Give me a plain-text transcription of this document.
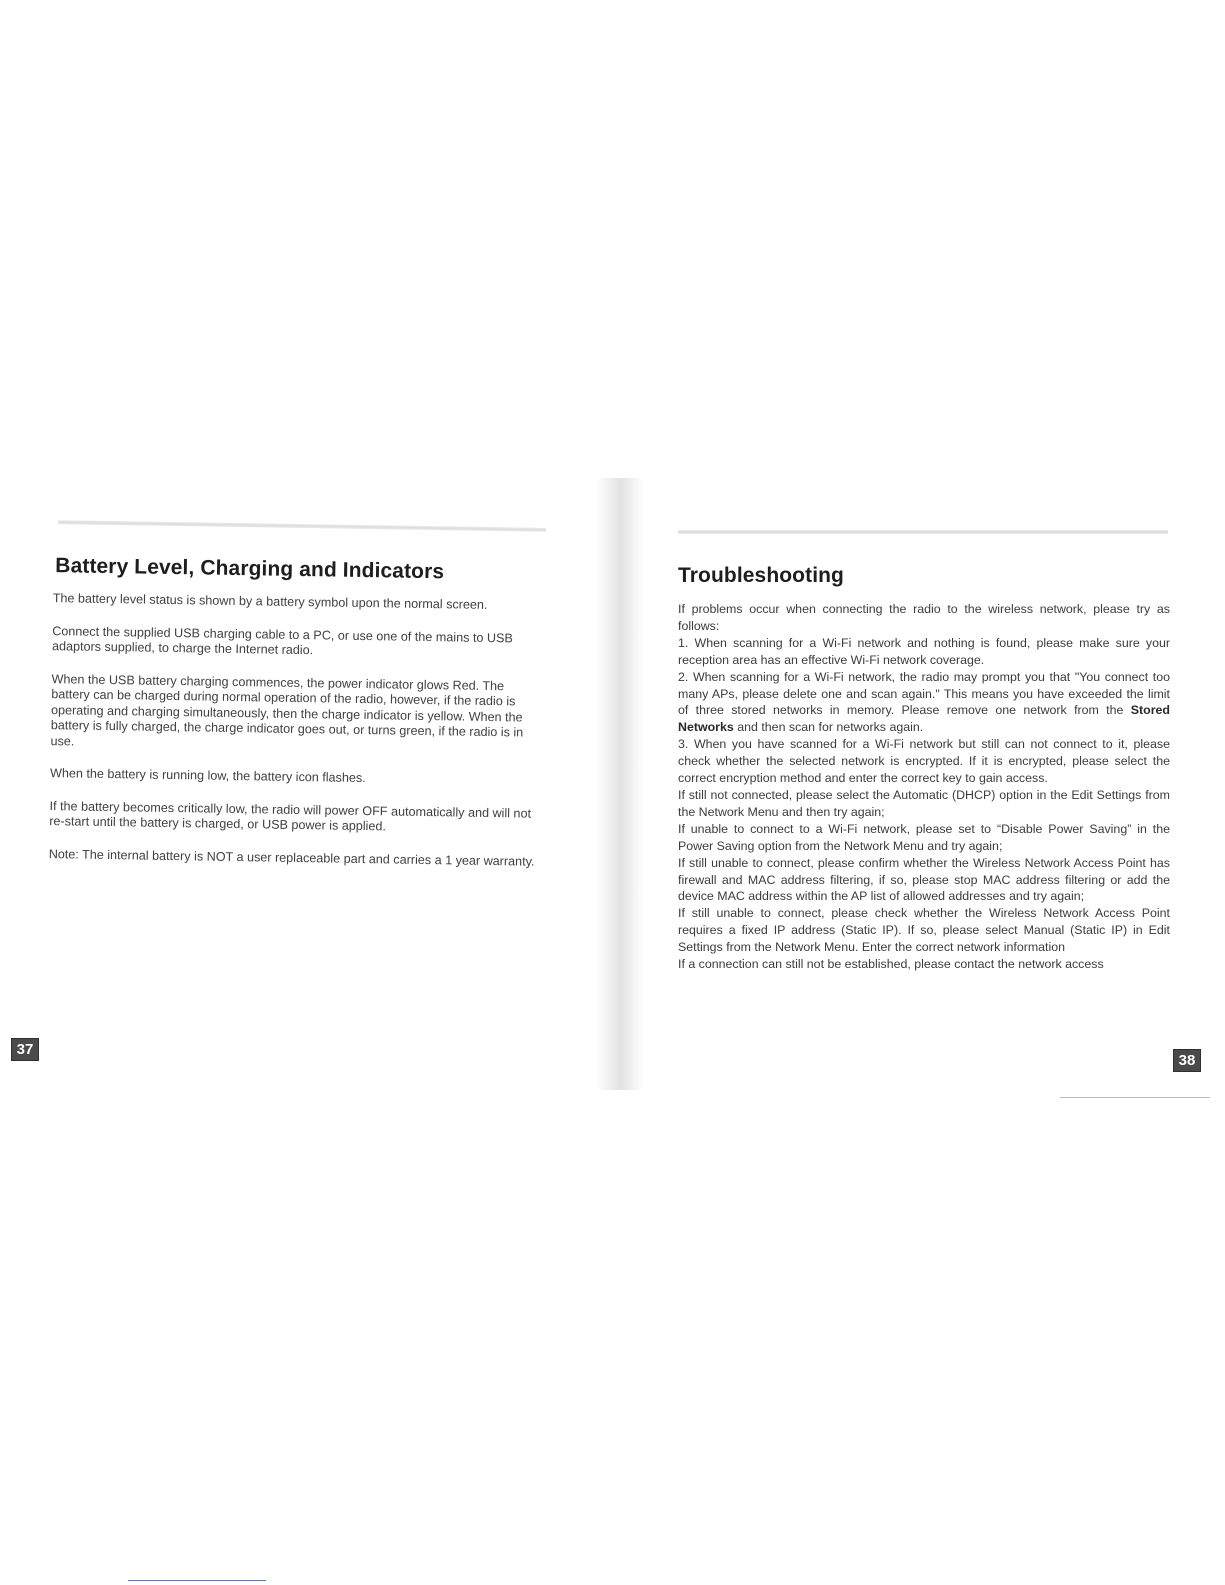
Battery Level, Charging and Indicators

The battery level status is shown by a battery symbol upon the normal screen.

Connect the supplied USB charging cable to a PC, or use one of the mains to USB adaptors supplied, to charge the Internet radio.

When the USB battery charging commences, the power indicator glows Red. The battery can be charged during normal operation of the radio, however, if the radio is operating and charging simultaneously, then the charge indicator is yellow. When the battery is fully charged, the charge indicator goes out, or turns green, if the radio is in use.

When the battery is running low, the battery icon flashes.

If the battery becomes critically low, the radio will power OFF automatically and will not re-start until the battery is charged, or USB power is applied.

Note: The internal battery is NOT a user replaceable part and carries a 1 year warranty.

37
Troubleshooting

If problems occur when connecting the radio to the wireless network, please try as follows:

1. When scanning for a Wi-Fi network and nothing is found, please make sure your reception area has an effective Wi-Fi network coverage.

2. When scanning for a Wi-Fi network, the radio may prompt you that "You connect too many APs, please delete one and scan again." This means you have exceeded the limit of three stored networks in memory. Please remove one network from the Stored Networks and then scan for networks again.

3. When you have scanned for a Wi-Fi network but still can not connect to it, please check whether the selected network is encrypted. If it is encrypted, please select the correct encryption method and enter the correct key to gain access.

If still not connected, please select the Automatic (DHCP) option in the Edit Settings from the Network Menu and then try again;

If unable to connect to a Wi-Fi network, please set to “Disable Power Saving” in the Power Saving option from the Network Menu and try again;

If still unable to connect, please confirm whether the Wireless Network Access Point has firewall and MAC address filtering, if so, please stop MAC address filtering or add the device MAC address within the AP list of allowed addresses and try again;

If still unable to connect, please check whether the Wireless Network Access Point requires a fixed IP address (Static IP). If so, please select Manual (Static IP) in Edit Settings from the Network Menu. Enter the correct network information

If a connection can still not be established, please contact the network access

38
